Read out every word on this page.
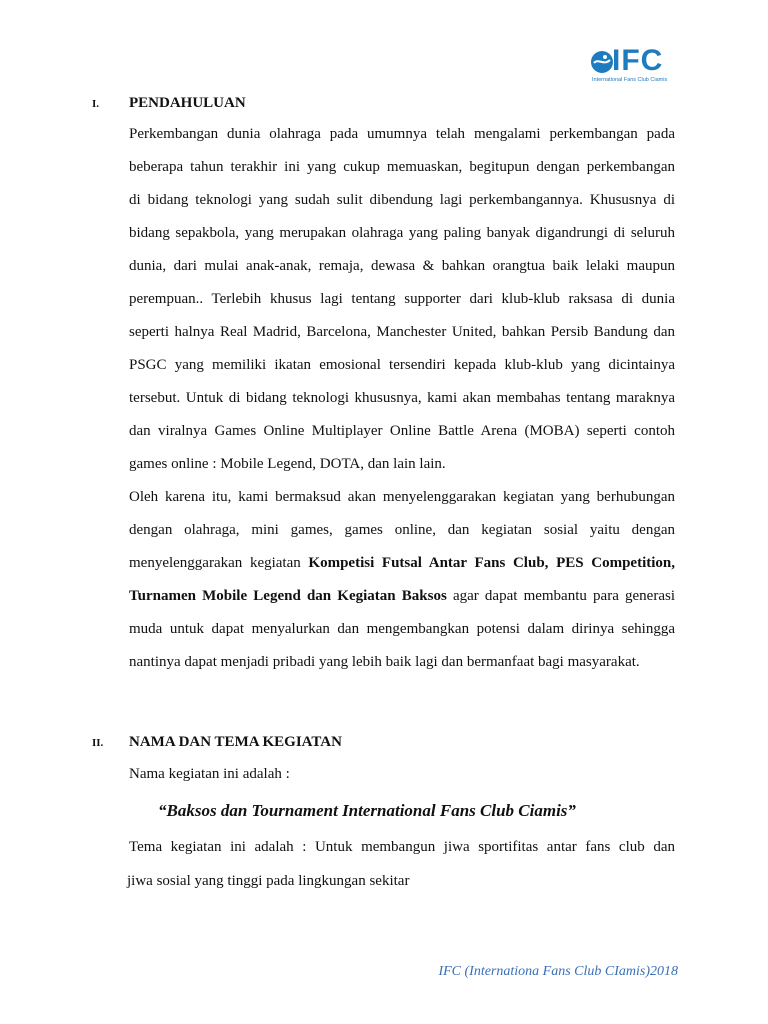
IFC
International Fans Club Ciamis
I. PENDAHULUAN
Perkembangan dunia olahraga pada umumnya telah mengalami perkembangan pada
beberapa tahun terakhir ini yang cukup memuaskan, begitupun dengan perkembangan
di bidang teknologi yang sudah sulit dibendung lagi perkembangannya. Khususnya di
bidang sepakbola, yang merupakan olahraga yang paling banyak digandrungi di seluruh
dunia, dari mulai anak-anak, remaja, dewasa & bahkan orangtua baik lelaki maupun
perempuan.. Terlebih khusus lagi tentang supporter dari klub-klub raksasa di dunia
seperti halnya Real Madrid, Barcelona, Manchester United, bahkan Persib Bandung dan
PSGC yang memiliki ikatan emosional tersendiri kepada klub-klub yang dicintainya
tersebut. Untuk di bidang teknologi khususnya, kami akan membahas tentang maraknya
dan viralnya Games Online Multiplayer Online Battle Arena (MOBA) seperti contoh
games online : Mobile Legend, DOTA, dan lain lain.
Oleh karena itu, kami bermaksud akan menyelenggarakan kegiatan yang berhubungan
dengan olahraga, mini games, games online, dan kegiatan sosial yaitu dengan
menyelenggarakan kegiatan Kompetisi Futsal Antar Fans Club, PES Competition,
Turnamen Mobile Legend dan Kegiatan Baksos agar dapat membantu para generasi
muda untuk dapat menyalurkan dan mengembangkan potensi dalam dirinya sehingga
nantinya dapat menjadi pribadi yang lebih baik lagi dan bermanfaat bagi masyarakat.
II. NAMA DAN TEMA KEGIATAN
Nama kegiatan ini adalah :
“Baksos dan Tournament International Fans Club Ciamis”
Tema kegiatan ini adalah : Untuk membangun jiwa sportifitas antar fans club dan
jiwa sosial yang tinggi pada lingkungan sekitar
IFC (Internationa Fans Club CIamis)2018
